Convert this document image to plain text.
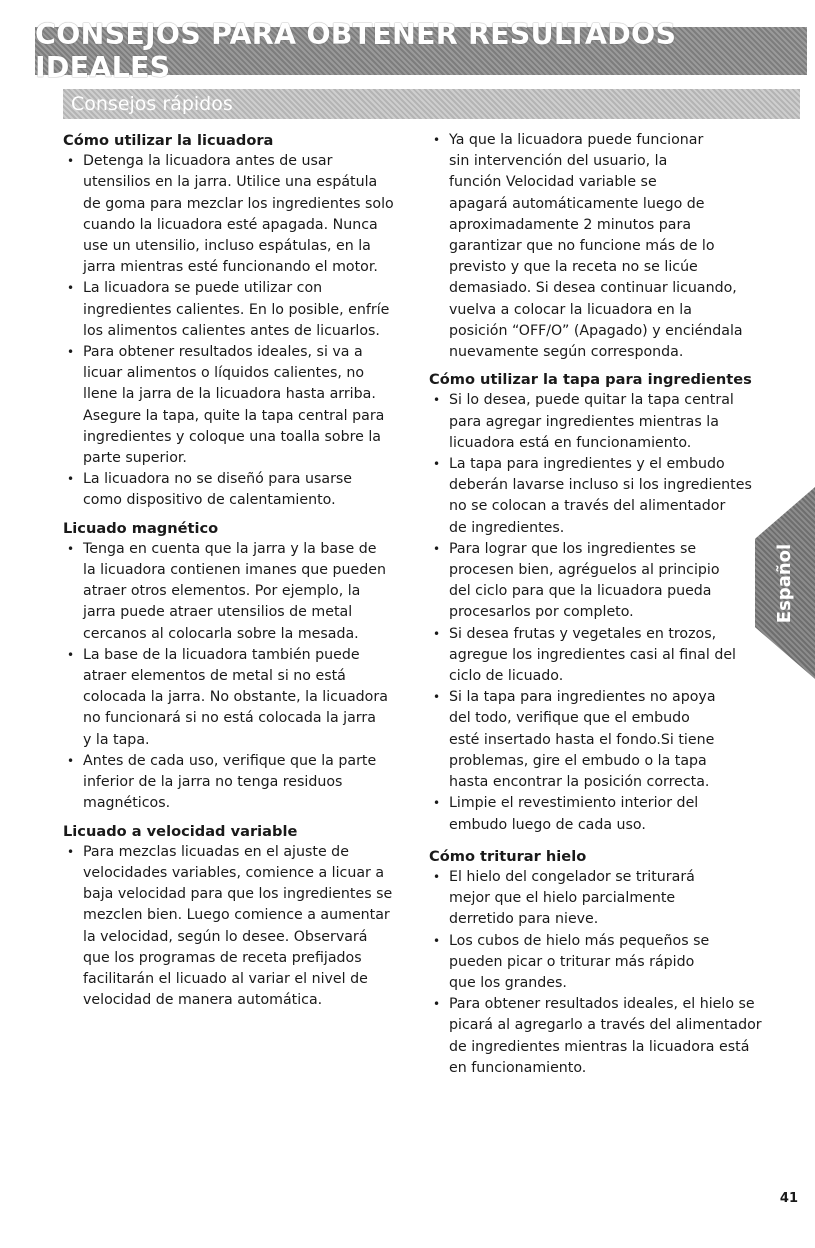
CONSEJOS PARA OBTENER RESULTADOS IDEALES
Consejos rápidos
Cómo utilizar la licuadora
• Detenga la licuadora antes de usar
utensilios en la jarra. Utilice una espátula
de goma para mezclar los ingredientes solo
cuando la licuadora esté apagada. Nunca
use un utensilio, incluso espátulas, en la
jarra mientras esté funcionando el motor.
• La licuadora se puede utilizar con
ingredientes calientes. En lo posible, enfríe
los alimentos calientes antes de licuarlos.
• Para obtener resultados ideales, si va a
licuar alimentos o líquidos calientes, no
llene la jarra de la licuadora hasta arriba.
Asegure la tapa, quite la tapa central para
ingredientes y coloque una toalla sobre la
parte superior.
• La licuadora no se diseñó para usarse
como dispositivo de calentamiento.
Licuado magnético
• Tenga en cuenta que la jarra y la base de
la licuadora contienen imanes que pueden
atraer otros elementos. Por ejemplo, la
jarra puede atraer utensilios de metal
cercanos al colocarla sobre la mesada.
• La base de la licuadora también puede
atraer elementos de metal si no está
colocada la jarra. No obstante, la licuadora
no funcionará si no está colocada la jarra
y la tapa.
• Antes de cada uso, verifique que la parte
inferior de la jarra no tenga residuos
magnéticos.
Licuado a velocidad variable
• Para mezclas licuadas en el ajuste de
velocidades variables, comience a licuar a
baja velocidad para que los ingredientes se
mezclen bien. Luego comience a aumentar
la velocidad, según lo desee. Observará
que los programas de receta prefijados
facilitarán el licuado al variar el nivel de
velocidad de manera automática.
• Ya que la licuadora puede funcionar
sin intervención del usuario, la
función Velocidad variable se
apagará automáticamente luego de
aproximadamente 2 minutos para
garantizar que no funcione más de lo
previsto y que la receta no se licúe
demasiado. Si desea continuar licuando,
vuelva a colocar la licuadora en la
posición “OFF/O” (Apagado) y enciéndala
nuevamente según corresponda.
Cómo utilizar la tapa para ingredientes
• Si lo desea, puede quitar la tapa central
para agregar ingredientes mientras la
licuadora está en funcionamiento.
• La tapa para ingredientes y el embudo
deberán lavarse incluso si los ingredientes
no se colocan a través del alimentador
de ingredientes.
• Para lograr que los ingredientes se
procesen bien, agréguelos al principio
del ciclo para que la licuadora pueda
procesarlos por completo.
• Si desea frutas y vegetales en trozos,
agregue los ingredientes casi al final del
ciclo de licuado.
• Si la tapa para ingredientes no apoya
del todo, verifique que el embudo
esté insertado hasta el fondo.Si tiene
problemas, gire el embudo o la tapa
hasta encontrar la posición correcta.
• Limpie el revestimiento interior del
embudo luego de cada uso.
Cómo triturar hielo
• El hielo del congelador se triturará
mejor que el hielo parcialmente
derretido para nieve.
• Los cubos de hielo más pequeños se
pueden picar o triturar más rápido
que los grandes.
• Para obtener resultados ideales, el hielo se
picará al agregarlo a través del alimentador
de ingredientes mientras la licuadora está
en funcionamiento.
Español
41
